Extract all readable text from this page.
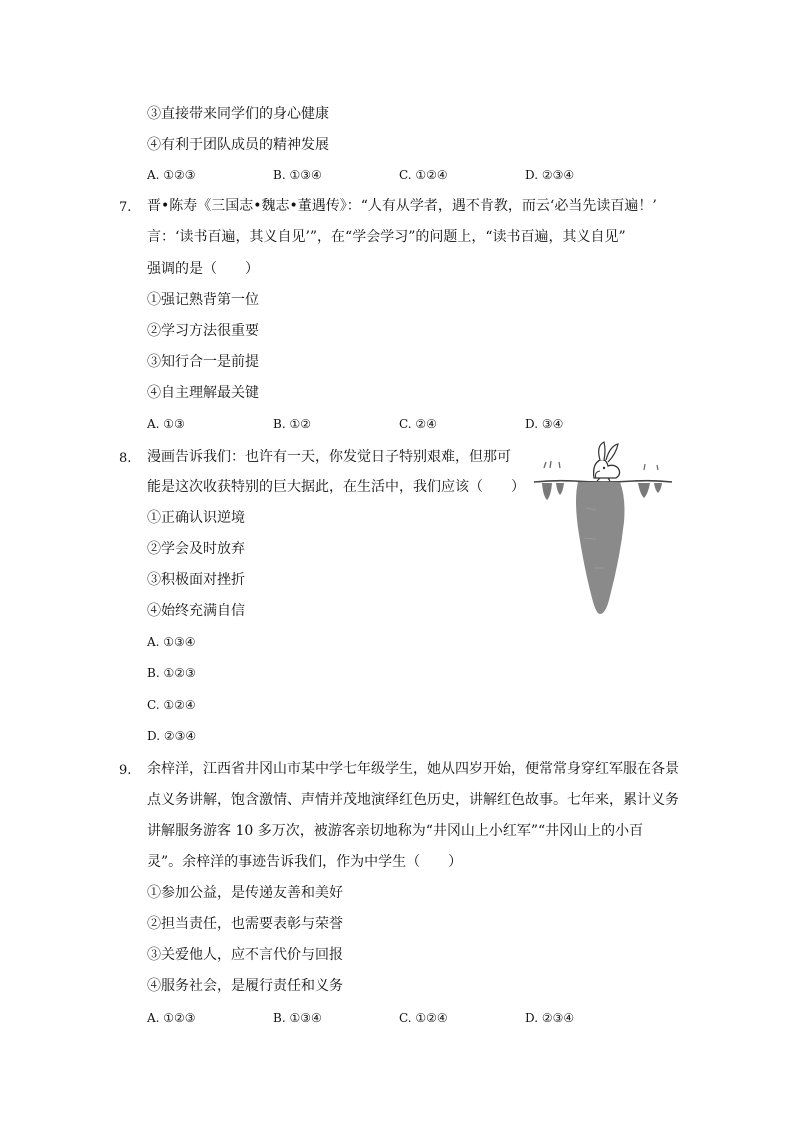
③直接带来同学们的身心健康
④有利于团队成员的精神发展
A. ①②③	B. ①③④	C. ①②④	D. ②③④
7. 晋•陈寿《三国志•魏志•董遇传》：“人有从学者，遇不肯教，而云‘必当先读百遍！’
言：‘读书百遍，其义自见’”，在“学会学习”的问题上，“读书百遍，其义自见”
强调的是（　　）
①强记熟背第一位
②学习方法很重要
③知行合一是前提
④自主理解最关键
A. ①③	B. ①②	C. ②④	D. ③④
8. 漫画告诉我们：也许有一天，你发觉日子特别艰难，但那可
能是这次收获特别的巨大据此，在生活中，我们应该（　　）
①正确认识逆境
②学会及时放弃
③积极面对挫折
④始终充满自信
A. ①③④
B. ①②③
C. ①②④
D. ②③④
9. 余梓洋，江西省井冈山市某中学七年级学生，她从四岁开始，便常常身穿红军服在各景
点义务讲解，饱含激情、声情并茂地演绎红色历史，讲解红色故事。七年来，累计义务
讲解服务游客 10 多万次，被游客亲切地称为“井冈山上小红军”“井冈山上的小百
灵”。余梓洋的事迹告诉我们，作为中学生（　　）
①参加公益，是传递友善和美好
②担当责任，也需要表彰与荣誉
③关爱他人，应不言代价与回报
④服务社会，是履行责任和义务
A. ①②③	B. ①③④	C. ①②④	D. ②③④
